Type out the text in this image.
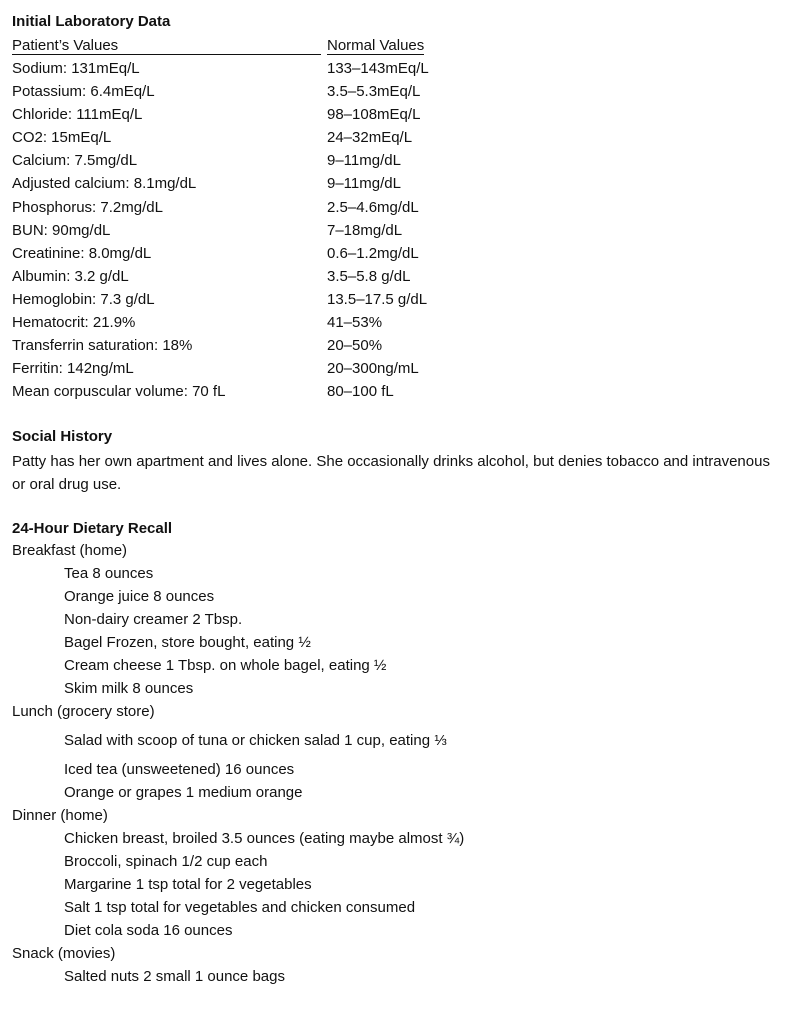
Initial Laboratory Data
Patient’s Values	Normal Values
Sodium: 131mEq/L	133–143mEq/L
Potassium: 6.4mEq/L	3.5–5.3mEq/L
Chloride: 111mEq/L	98–108mEq/L
CO2: 15mEq/L	24–32mEq/L
Calcium: 7.5mg/dL	9–11mg/dL
Adjusted calcium: 8.1mg/dL	9–11mg/dL
Phosphorus: 7.2mg/dL	2.5–4.6mg/dL
BUN: 90mg/dL	7–18mg/dL
Creatinine: 8.0mg/dL	0.6–1.2mg/dL
Albumin: 3.2 g/dL	3.5–5.8 g/dL
Hemoglobin: 7.3 g/dL	13.5–17.5 g/dL
Hematocrit: 21.9%	41–53%
Transferrin saturation: 18%	20–50%
Ferritin: 142ng/mL	20–300ng/mL
Mean corpuscular volume: 70 fL	80–100 fL
Social History
Patty has her own apartment and lives alone. She occasionally drinks alcohol, but denies tobacco and intravenous or oral drug use.
24-Hour Dietary Recall
Breakfast (home)
Tea 8 ounces
Orange juice 8 ounces
Non-dairy creamer 2 Tbsp.
Bagel Frozen, store bought, eating ½
Cream cheese 1 Tbsp. on whole bagel, eating ½
Skim milk 8 ounces
Lunch (grocery store)
Salad with scoop of tuna or chicken salad 1 cup, eating ⅓
Iced tea (unsweetened) 16 ounces
Orange or grapes 1 medium orange
Dinner (home)
Chicken breast, broiled 3.5 ounces (eating maybe almost ¾)
Broccoli, spinach 1/2 cup each
Margarine 1 tsp total for 2 vegetables
Salt 1 tsp total for vegetables and chicken consumed
Diet cola soda 16 ounces
Snack (movies)
Salted nuts 2 small 1 ounce bags
